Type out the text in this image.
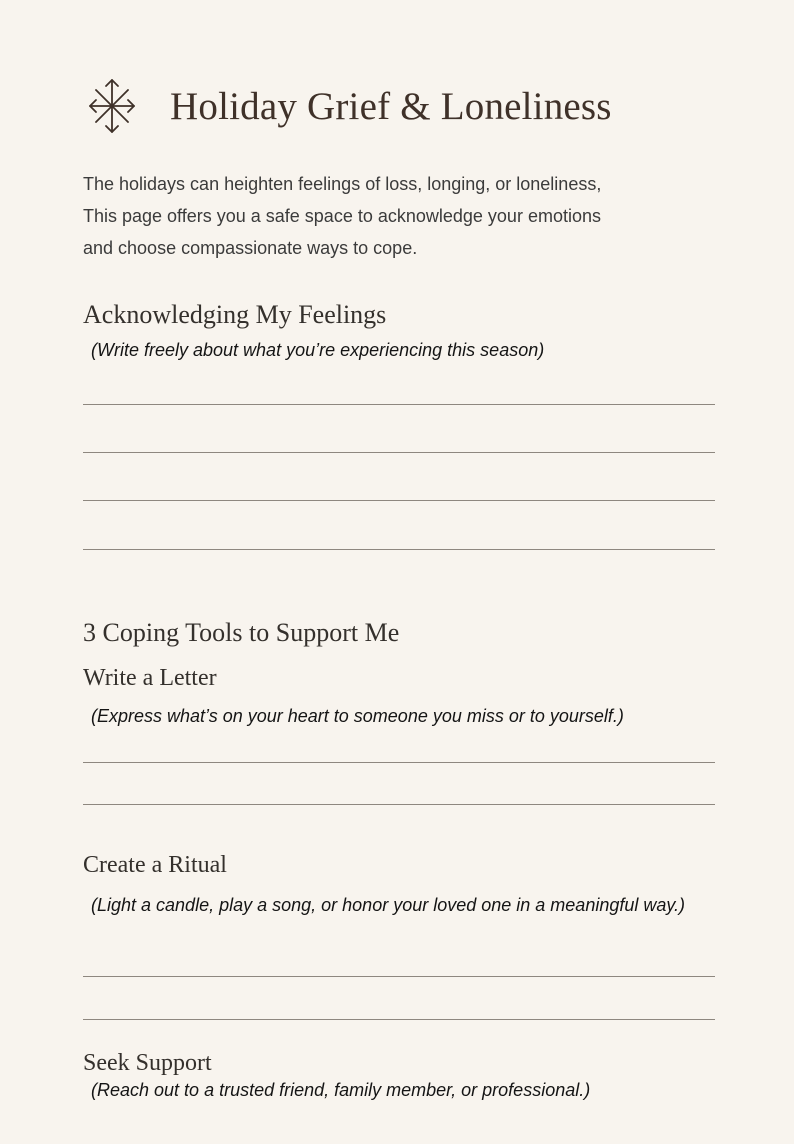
Holiday Grief & Loneliness
The holidays can heighten feelings of loss, longing, or loneliness,
This page offers you a safe space to acknowledge your emotions
and choose compassionate ways to cope.
Acknowledging My Feelings

(Write freely about what you’re experiencing this season)

3 Coping Tools to Support Me
Write a Letter

(Express what’s on your heart to someone you miss or to yourself.)

Create a Ritual

(Light a candle, play a song, or honor your loved one in a meaningful way.)

Seek Support

(Reach out to a trusted friend, family member, or professional.)
